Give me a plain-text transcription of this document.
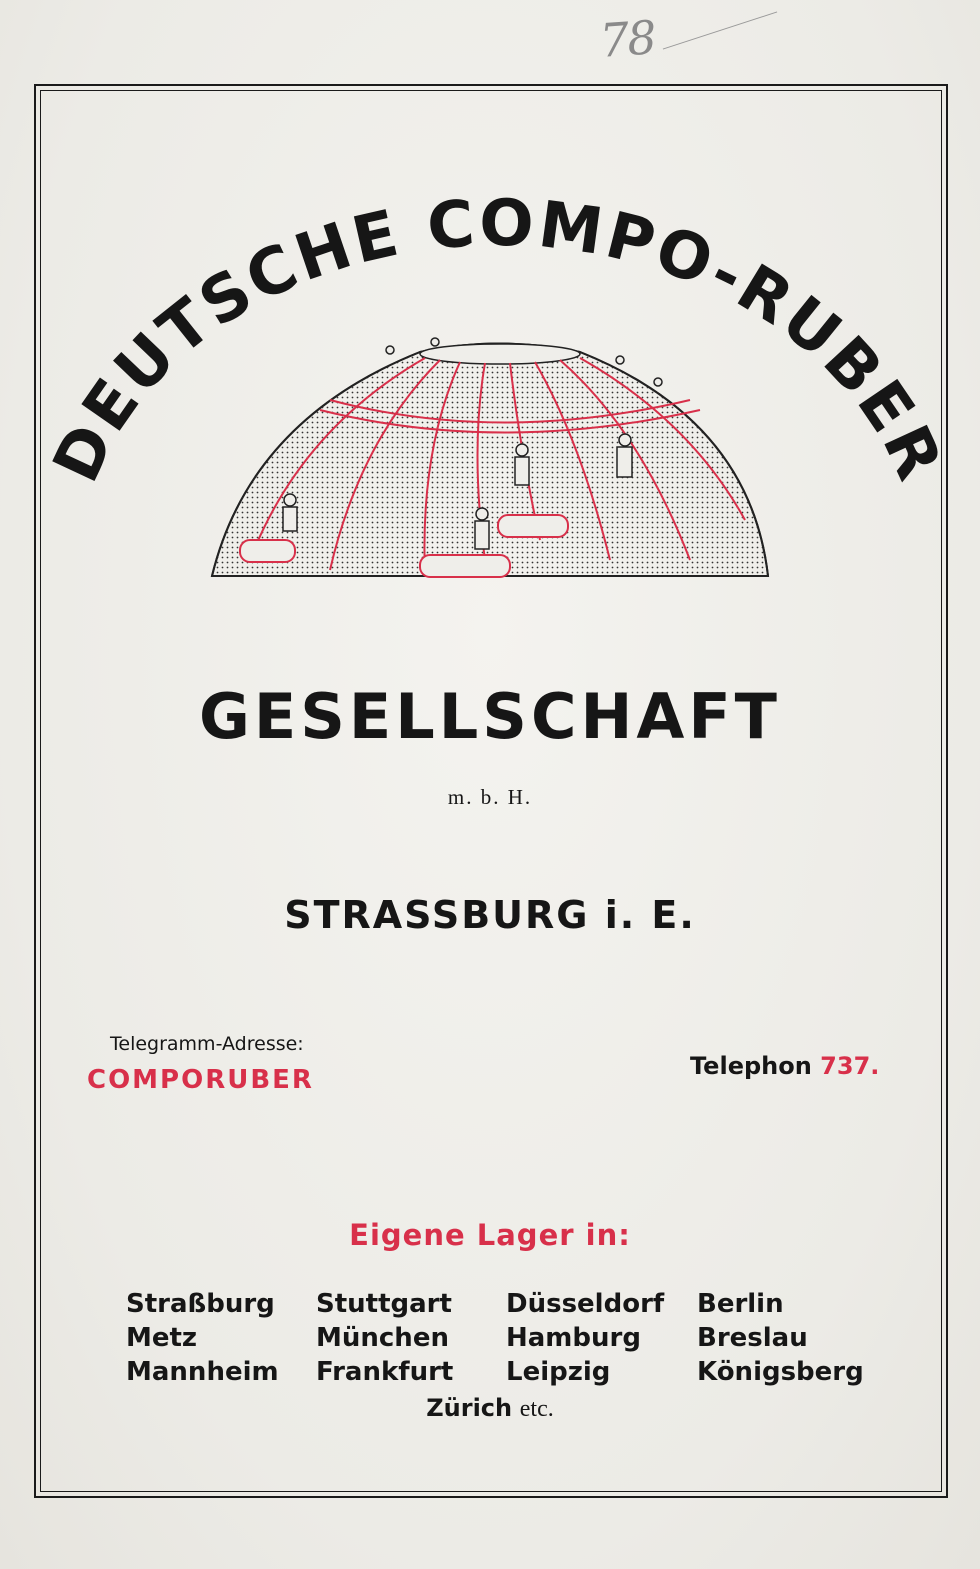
78
DEUTSCHE COMPO-RUBER
GESELLSCHAFT
m. b. H.
STRASSBURG i. E.
Telegramm-Adresse:
COMPORUBER	Telephon 737.
Eigene Lager in:
Straßburg
Metz
Mannheim
Stuttgart
München
Frankfurt
Düsseldorf
Hamburg
Leipzig
Berlin
Breslau
Königsberg
Zürich etc.
